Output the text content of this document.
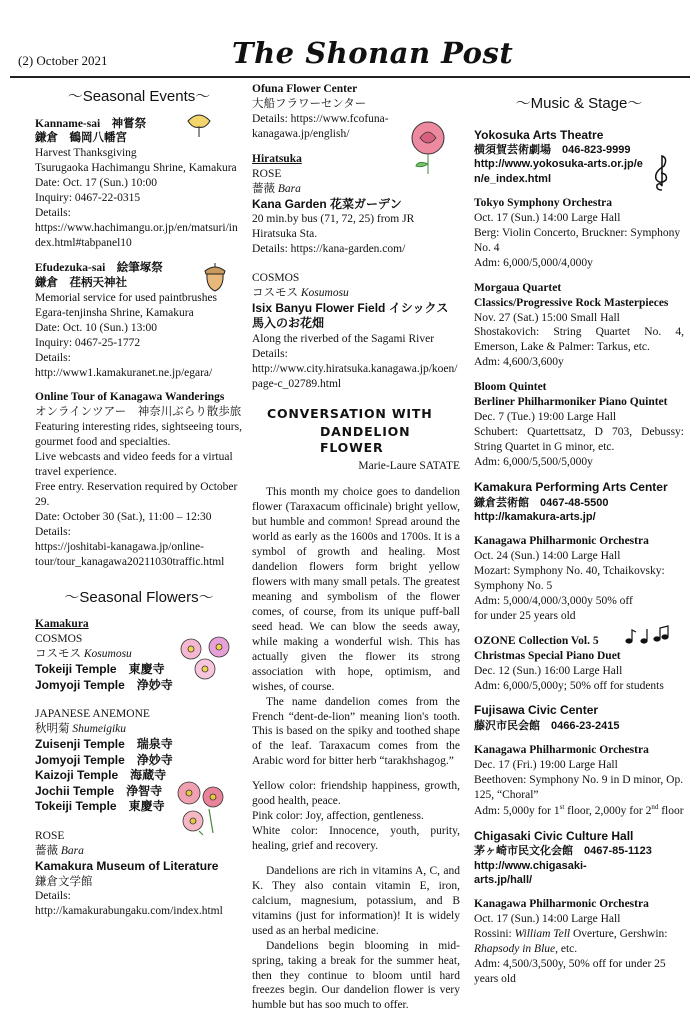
(2) October 2021	The Shonan Post
～Seasonal Events～

Kanname-sai　神嘗祭

鎌倉　鶴岡八幡宮

Harvest Thanksgiving

Tsurugaoka Hachimangu Shrine, Kamakura

Date: Oct. 17 (Sun.) 10:00

Inquiry: 0467-22-0315

Details:

https://www.hachimangu.or.jp/en/matsuri/index.html#tabpanel10

Efudezuka-sai　絵筆塚祭

鎌倉　荏柄天神社

Memorial service for used paintbrushes

Egara-tenjinsha Shrine, Kamakura

Date: Oct. 10 (Sun.) 13:00

Inquiry: 0467-25-1772

Details:

http://www1.kamakuranet.ne.jp/egara/

Online Tour of Kanagawa Wanderings

オンラインツアー　神奈川ぶらり散歩旅

Featuring interesting rides, sightseeing tours, gourmet food and specialties.

Live webcasts and video feeds for a virtual travel experience.

Free entry. Reservation required by October 29.

Date: October 30 (Sat.), 11:00 – 12:30

Details:

https://joshitabi-kanagawa.jp/online-tour/tour_kanagawa20211030traffic.html

～Seasonal Flowers～

Kamakura

COSMOS

コスモス Kosumosu

Tokeiji Temple　東慶寺

Jomyoji Temple　浄妙寺

JAPANESE ANEMONE

秋明菊 Shumeigiku

Zuisenji Temple　瑞泉寺

Jomyoji Temple　浄妙寺

Kaizoji Temple　海蔵寺

Jochii Temple　浄智寺

Tokeiji Temple　東慶寺

ROSE

薔薇 Bara

Kamakura Museum of Literature

鎌倉文学館

Details:

http://kamakurabungaku.com/index.html

Ofuna Flower Center

大船フラワーセンター

Details: https://www.fcofuna-kanagawa.jp/english/

Hiratsuka

ROSE

薔薇 Bara

Kana Garden 花菜ガーデン

20 min.by bus (71, 72, 25) from JR Hiratsuka Sta.

Details: https://kana-garden.com/

COSMOS

コスモス Kosumosu

Isix Banyu Flower Field イシックス馬入のお花畑

Along the riverbed of the Sagami River

Details:

http://www.city.hiratsuka.kanagawa.jp/koen/page-c_02789.html

CONVERSATION WITH
DANDELION FLOWER
Marie-Laure SATATE

This month my choice goes to dandelion flower (Taraxacum officinale) bright yellow, but humble and common! Spread around the world as early as the 1600s and 1700s. It is a symbol of growth and healing. Most dandelion flowers form bright yellow flowers with many small petals. The greatest meaning and symbolism of the flower comes, of course, from its unique puff-ball seed head. We can blow the seeds away, while making a wonderful wish. This has actually given the flower its strong association with hope, optimism, and wishes, of course.

The name dandelion comes from the French “dent-de-lion” meaning lion's tooth. This is based on the spiky and toothed shape of the leaf. Taraxacum comes from the Arabic word for bitter herb “tarakhshagog.”

Yellow color: friendship happiness, growth, good health, peace.

Pink color: Joy, affection, gentleness.

White color: Innocence, youth, purity, healing, grief and recovery.

Dandelions are rich in vitamins A, C, and K. They also contain vitamin E, iron, calcium, magnesium, potassium, and B vitamins (just for information)! It is widely used as an herbal medicine.

Dandelions begin blooming in mid-spring, taking a break for the summer heat, then they continue to bloom until hard freezes begin. Our dandelion flower is very humble but has soo much to offer.

～Music & Stage～

Yokosuka Arts Theatre

横須賀芸術劇場　046-823-9999

http://www.yokosuka-arts.or.jp/en/e_index.html

Tokyo Symphony Orchestra

Oct. 17 (Sun.) 14:00 Large Hall

Berg: Violin Concerto, Bruckner: Symphony No. 4

Adm: 6,000/5,000/4,000y

Morgaua Quartet

Classics/Progressive Rock Masterpieces

Nov. 27 (Sat.) 15:00 Small Hall

Shostakovich: String Quartet No. 4, Emerson, Lake & Palmer: Tarkus, etc.

Adm: 4,600/3,600y

Bloom Quintet

Berliner Philharmoniker Piano Quintet

Dec. 7 (Tue.) 19:00 Large Hall

Schubert: Quartettsatz, D 703, Debussy: String Quartet in G minor, etc.

Adm: 6,000/5,500/5,000y

Kamakura Performing Arts Center

鎌倉芸術館　0467-48-5500

http://kamakura-arts.jp/

Kanagawa Philharmonic Orchestra

Oct. 24 (Sun.) 14:00 Large Hall

Mozart: Symphony No. 40, Tchaikovsky: Symphony No. 5

Adm: 5,000/4,000/3,000y 50% off for under 25 years old

OZONE Collection Vol. 5

Christmas Special Piano Duet

Dec. 12 (Sun.) 16:00 Large Hall

Adm: 6,000/5,000y; 50% off for students

Fujisawa Civic Center

藤沢市民会館　0466-23-2415

Kanagawa Philharmonic Orchestra

Dec. 17 (Fri.) 19:00 Large Hall

Beethoven: Symphony No. 9 in D minor, Op. 125, “Choral”

Adm: 5,000y for 1st floor, 2,000y for 2nd floor

Chigasaki Civic Culture Hall

茅ヶ崎市民文化会館　0467-85-1123

http://www.chigasaki-arts.jp/hall/

Kanagawa Philharmonic Orchestra

Oct. 17 (Sun.) 14:00 Large Hall

Rossini: William Tell Overture, Gershwin: Rhapsody in Blue, etc.

Adm: 4,500/3,500y, 50% off for under 25 years old
